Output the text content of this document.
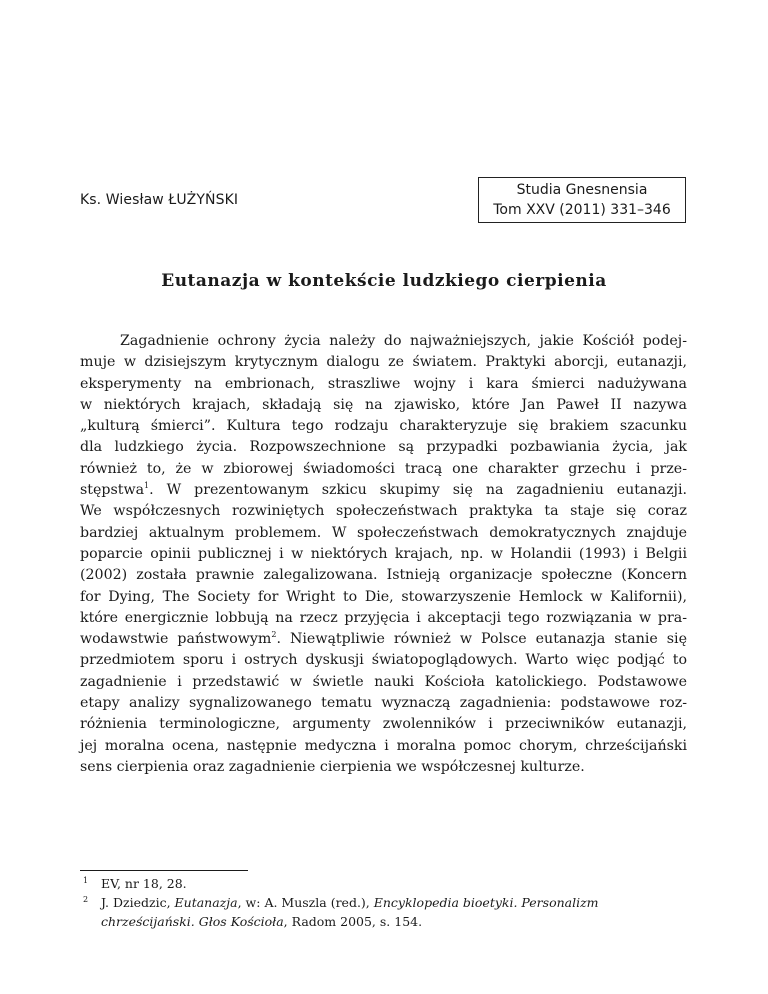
Ks. Wiesław ŁUŻYŃSKI

Studia Gnesnensia
Tom XXV (2011) 331–346
Eutanazja w kontekście ludzkiego cierpienia
Zagadnienie ochrony życia należy do najważniejszych, jakie Kościół podej-
muje w dzisiejszym krytycznym dialogu ze światem. Praktyki aborcji, eutanazji,
eksperymenty na embrionach, straszliwe wojny i kara śmierci nadużywana
w niektórych krajach, składają się na zjawisko, które Jan Paweł II nazywa
„kulturą śmierci”. Kultura tego rodzaju charakteryzuje się brakiem szacunku
dla ludzkiego życia. Rozpowszechnione są przypadki pozbawiania życia, jak
również to, że w zbiorowej świadomości tracą one charakter grzechu i prze-
stępstwa$^1$. W prezentowanym szkicu skupimy się na zagadnieniu eutanazji.
We współczesnych rozwiniętych społeczeństwach praktyka ta staje się coraz
bardziej aktualnym problemem. W społeczeństwach demokratycznych znajduje
poparcie opinii publicznej i w niektórych krajach, np. w Holandii (1993) i Belgii
(2002) została prawnie zalegalizowana. Istnieją organizacje społeczne (Koncern
for Dying, The Society for Wright to Die, stowarzyszenie Hemlock w Kalifornii),
które energicznie lobbują na rzecz przyjęcia i akceptacji tego rozwiązania w pra-
wodawstwie państwowym$^2$. Niewątpliwie również w Polsce eutanazja stanie się
przedmiotem sporu i ostrych dyskusji światopoglądowych. Warto więc podjąć to
zagadnienie i przedstawić w świetle nauki Kościoła katolickiego. Podstawowe
etapy analizy sygnalizowanego tematu wyznaczą zagadnienia: podstawowe roz-
różnienia terminologiczne, argumenty zwolenników i przeciwników eutanazji,
jej moralna ocena, następnie medyczna i moralna pomoc chorym, chrześcijański
sens cierpienia oraz zagadnienie cierpienia we współczesnej kulturze.
1 EV, nr 18, 28.
2 J. Dziedzic, Eutanazja, w: A. Muszla (red.), Encyklopedia bioetyki. Personalizm
chrześcijański. Głos Kościoła, Radom 2005, s. 154.
